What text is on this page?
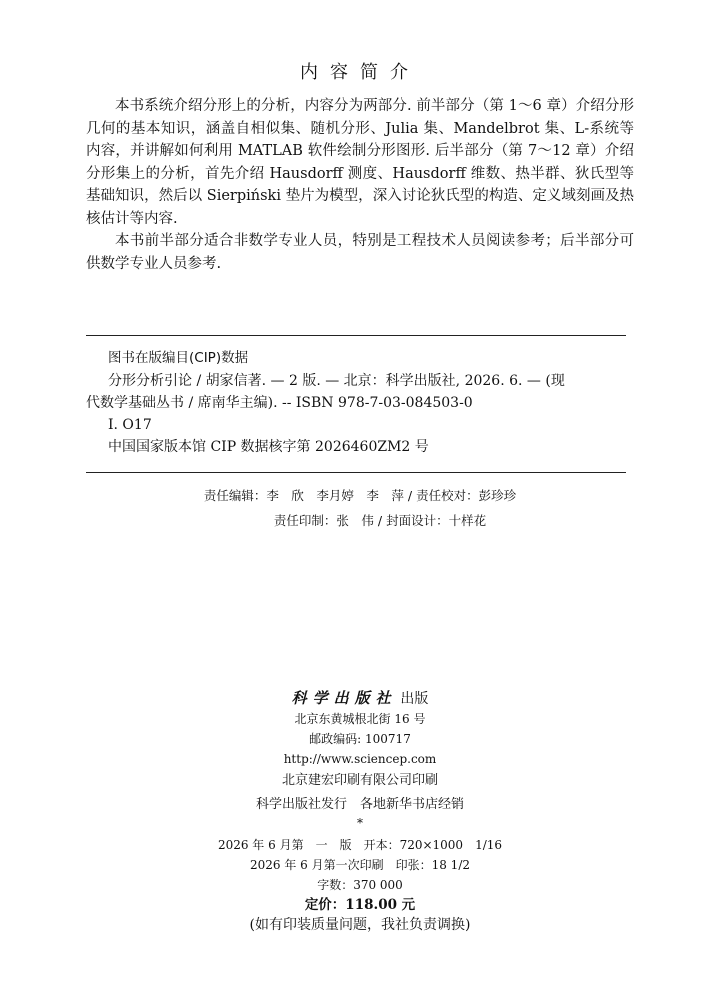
内容简介

本书系统介绍分形上的分析，内容分为两部分. 前半部分（第 1～6 章）介绍分形几何的基本知识，涵盖自相似集、随机分形、Julia 集、Mandelbrot 集、L-系统等内容，并讲解如何利用 MATLAB 软件绘制分形图形. 后半部分（第 7～12 章）介绍分形集上的分析，首先介绍 Hausdorff 测度、Hausdorff 维数、热半群、狄氏型等基础知识，然后以 Sierpiński 垫片为模型，深入讨论狄氏型的构造、定义域刻画及热核估计等内容.

本书前半部分适合非数学专业人员，特别是工程技术人员阅读参考；后半部分可供数学专业人员参考.

图书在版编目(CIP)数据
分形分析引论 / 胡家信著. — 2 版. — 北京：科学出版社, 2026. 6. — (现
代数学基础丛书 / 席南华主编). -- ISBN 978-7-03-084503-0
I. O17
中国国家版本馆 CIP 数据核字第 2026460ZM2 号
责任编辑：李　欣　李月婷　李　萍 / 责任校对：彭珍珍
责任印制：张　伟 / 封面设计：十样花
科学出版社 出版
北京东黄城根北街 16 号
邮政编码: 100717
http://www.sciencep.com
北京建宏印刷有限公司印刷
科学出版社发行　各地新华书店经销
*
2026 年 6 月第　一　版　开本：720×1000　1/16
2026 年 6 月第一次印刷　印张：18 1/2
字数：370 000
定价：118.00 元
(如有印装质量问题，我社负责调换)
